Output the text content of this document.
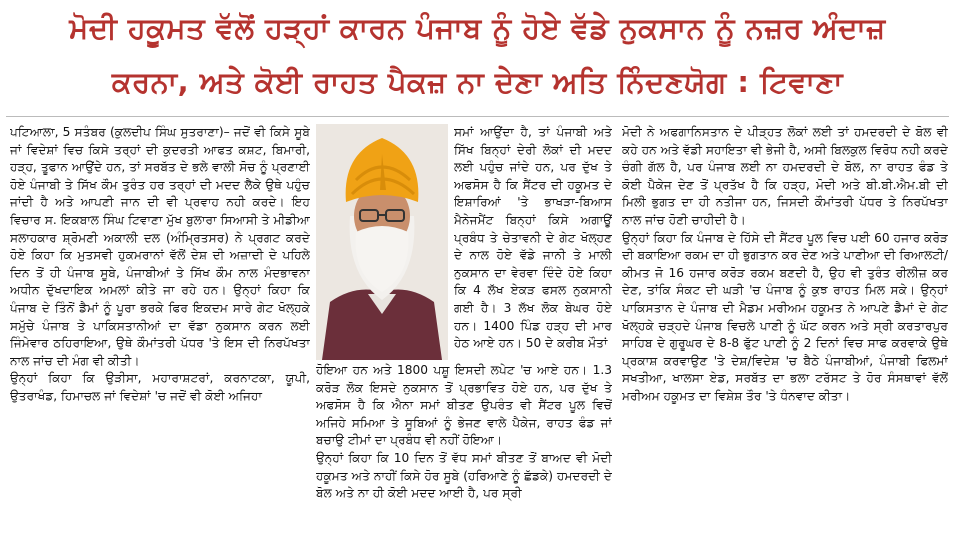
ਮੋਦੀ ਹਕੂਮਤ ਵੱਲੋਂ ਹੜ੍ਹਾਂ ਕਾਰਨ ਪੰਜਾਬ ਨੂੰ ਹੋਏ ਵੱਡੇ ਨੁਕਸਾਨ ਨੂੰ ਨਜ਼ਰ ਅੰਦਾਜ਼
ਕਰਨਾ, ਅਤੇ ਕੋਈ ਰਾਹਤ ਪੈਕਜ਼ ਨਾ ਦੇਣਾ ਅਤਿ ਨਿੰਦਣਯੋਗ : ਟਿਵਾਣਾ

ਪਟਿਆਲਾ, 5 ਸਤੰਬਰ (ਕੁਲਦੀਪ ਸਿੰਘ ਸੁਤਰਾਣਾ)– ਜਦੋਂ ਵੀ ਕਿਸੇ ਸੂਬੇ ਜਾਂ ਵਿਦੇਸ਼ਾਂ ਵਿਚ ਕਿਸੇ ਤਰ੍ਹਾਂ ਦੀ ਕੁਦਰਤੀ ਆਫਤ ਕਸ਼ਟ, ਬਿਮਾਰੀ, ਹੜ੍ਹ, ਤੂਫਾਨ ਆਉਂਦੇ ਹਨ, ਤਾਂ ਸਰਬੱਤ ਦੇ ਭਲੇ ਵਾਲੀ ਸੋਚ ਨੂੰ ਪ੍ਰਣਾਈ ਹੋਏ ਪੰਜਾਬੀ ਤੇ ਸਿੱਖ ਕੌਮ ਤੁਰੰਤ ਹਰ ਤਰ੍ਹਾਂ ਦੀ ਮਦਦ ਲੈਕੇ ਉਥੇ ਪਹੁੰਚ ਜਾਂਦੀ ਹੈ ਅਤੇ ਆਪਣੀ ਜਾਨ ਦੀ ਵੀ ਪ੍ਰਵਾਹ ਨਹੀ ਕਰਦੇ। ਇਹ ਵਿਚਾਰ ਸ. ਇਕਬਾਲ ਸਿੰਘ ਟਿਵਾਣਾ ਮੁੱਖ ਬੁਲਾਰਾ ਸਿਆਸੀ ਤੇ ਮੀਡੀਆ ਸਲਾਹਕਾਰ ਸ਼੍ਰੋਮਣੀ ਅਕਾਲੀ ਦਲ (ਅੰਮ੍ਰਿਤਸਰ) ਨੇ ਪ੍ਰਗਟ ਕਰਦੇ ਹੋਏ ਕਿਹਾ ਕਿ ਮੁਤਸਵੀ ਹੁਕਮਰਾਨਾਂ ਵੱਲੋਂ ਦੇਸ਼ ਦੀ ਅਜ਼ਾਦੀ ਦੇ ਪਹਿਲੇ ਦਿਨ ਤੋਂ ਹੀ ਪੰਜਾਬ ਸੂਬੇ, ਪੰਜਾਬੀਆਂ ਤੇ ਸਿੱਖ ਕੌਮ ਨਾਲ ਮੰਦਭਾਵਨਾ ਅਧੀਨ ਦੁੱਖਦਾਇਕ ਅਮਲਾਂ ਕੀਤੇ ਜਾ ਰਹੇ ਹਨ। ਉਨ੍ਹਾਂ ਕਿਹਾ ਕਿ ਪੰਜਾਬ ਦੇ ਤਿੰਨੋਂ ਡੈਮਾਂ ਨੂੰ ਪੂਰਾ ਭਰਕੇ ਫਿਰ ਇਕਦਮ ਸਾਰੇ ਗੇਟ ਖੋਲ੍ਹਕੇ ਸਮੁੱਚੇ ਪੰਜਾਬ ਤੇ ਪਾਕਿਸਤਾਨੀਆਂ ਦਾ ਵੱਡਾ ਨੁਕਸਾਨ ਕਰਨ ਲਈ ਜਿੰਮੇਵਾਰ ਠਹਿਰਾਇਆ, ਉਥੇ ਕੌਮਾਂਤਰੀ ਪੱਧਰ 'ਤੇ ਇਸ ਦੀ ਨਿਰਪੱਖਤਾ ਨਾਲ ਜਾਂਚ ਦੀ ਮੰਗ ਵੀ ਕੀਤੀ।

ਉਨ੍ਹਾਂ ਕਿਹਾ ਕਿ ਉੜੀਸਾ, ਮਹਾਰਾਸ਼ਟਰਾਂ, ਕਰਨਾਟਕਾ, ਯੂਪੀ, ਉਤਰਾਖੰਡ, ਹਿਮਾਚਲ ਜਾਂ ਵਿਦੇਸ਼ਾਂ 'ਚ ਜਦੋਂ ਵੀ ਕੋਈ ਅਜਿਹਾ

ਸਮਾਂ ਆਉਂਦਾ ਹੈ, ਤਾਂ ਪੰਜਾਬੀ ਅਤੇ ਸਿੱਖ ਬਿਨ੍ਹਾਂ ਦੇਰੀ ਲੋਕਾਂ ਦੀ ਮਦਦ ਲਈ ਪਹੁੰਚ ਜਾਂਦੇ ਹਨ, ਪਰ ਦੁੱਖ ਤੇ ਅਫਸੋਸ ਹੈ ਕਿ ਸੈਂਟਰ ਦੀ ਹਕੂਮਤ ਦੇ ਇਸ਼ਾਰਿਆਂ 'ਤੇ ਭਾਖੜਾ-ਬਿਆਸ ਮੈਨੇਜਮੈਂਟ ਬਿਨ੍ਹਾਂ ਕਿਸੇ ਅਗਾਊਂ ਪ੍ਰਬੰਧ ਤੇ ਚੇਤਾਵਨੀ ਦੇ ਗੇਟ ਖੋਲ੍ਹਣ ਦੇ ਨਾਲ ਹੋਏ ਵੱਡੇ ਜਾਨੀ ਤੇ ਮਾਲੀ ਨੁਕਸਾਨ ਦਾ ਵੇਰਵਾ ਦਿੰਦੇ ਹੋਏ ਕਿਹਾ ਕਿ 4 ਲੱਖ ਏਕੜ ਫਸਲ ਨੁਕਸਾਨੀ ਗਈ ਹੈ। 3 ਲੱਖ ਲੋਕ ਬੇਘਰ ਹੋਏ ਹਨ। 1400 ਪਿੰਡ ਹੜ੍ਹ ਦੀ ਮਾਰ ਹੇਠ ਆਏ ਹਨ। 50 ਦੇ ਕਰੀਬ ਮੌਤਾਂ

ਹੋਇਆ ਹਨ ਅਤੇ 1800 ਪਸ਼ੂ ਇਸਦੀ ਲਪੇਟ 'ਚ ਆਏ ਹਨ। 1.3 ਕਰੋੜ ਲੋਕ ਇਸਦੇ ਨੁਕਸਾਨ ਤੋਂ ਪ੍ਰਭਾਵਿਤ ਹੋਏ ਹਨ, ਪਰ ਦੁੱਖ ਤੇ ਅਫਸੋਸ ਹੈ ਕਿ ਐਨਾ ਸਮਾਂ ਬੀਤਣ ਉਪਰੰਤ ਵੀ ਸੈਂਟਰ ਪੂਲ ਵਿਚੋਂ ਅਜਿਹੇ ਸਮਿਆ ਤੇ ਸੂਬਿਆਂ ਨੂੰ ਭੇਜਣ ਵਾਲੇ ਪੈਕੇਜ, ਰਾਹਤ ਫੰਡ ਜਾਂ ਬਚਾਉ ਟੀਮਾਂ ਦਾ ਪ੍ਰਬੰਧ ਵੀ ਨਹੀਂ ਹੋਇਆ।

ਉਨ੍ਹਾਂ ਕਿਹਾ ਕਿ 10 ਦਿਨ ਤੋਂ ਵੱਧ ਸਮਾਂ ਬੀਤਣ ਤੋਂ ਬਾਅਦ ਵੀ ਮੋਦੀ ਹਕੂਮਤ ਅਤੇ ਨਾਹੀਂ ਕਿਸੇ ਹੋਰ ਸੂਬੇ (ਹਰਿਆਣੇ ਨੂੰ ਛੱਡਕੇ) ਹਮਦਰਦੀ ਦੇ ਬੋਲ ਅਤੇ ਨਾ ਹੀ ਕੋਈ ਮਦਦ ਆਈ ਹੈ, ਪਰ ਸ੍ਰੀ

ਮੋਦੀ ਨੇ ਅਫਗਾਨਿਸਤਾਨ ਦੇ ਪੀੜ੍ਹਤ ਲੋਕਾਂ ਲਈ ਤਾਂ ਹਮਦਰਦੀ ਦੇ ਬੋਲ ਵੀ ਕਹੇ ਹਨ ਅਤੇ ਵੱਡੀ ਸਹਾਇਤਾ ਵੀ ਭੇਜੀ ਹੈ, ਅਸੀ ਬਿਲਕੁਲ ਵਿਰੋਧ ਨਹੀ ਕਰਦੇ ਚੰਗੀ ਗੱਲ ਹੈ, ਪਰ ਪੰਜਾਬ ਲਈ ਨਾ ਹਮਦਰਦੀ ਦੇ ਬੋਲ, ਨਾ ਰਾਹਤ ਫੰਡ ਤੇ ਕੋਈ ਪੈਕੇਜ ਦੇਣ ਤੋਂ ਪ੍ਰਤੱਖ ਹੈ ਕਿ ਹੜ੍ਹ, ਮੋਦੀ ਅਤੇ ਬੀ.ਬੀ.ਐਮ.ਬੀ ਦੀ ਮਿਲੀ ਭੁਗਤ ਦਾ ਹੀ ਨਤੀਜਾ ਹਨ, ਜਿਸਦੀ ਕੌਮਾਂਤਰੀ ਪੱਧਰ ਤੇ ਨਿਰਪੱਖਤਾ ਨਾਲ ਜਾਂਚ ਹੋਣੀ ਚਾਹੀਦੀ ਹੈ।

ਉਨ੍ਹਾਂ ਕਿਹਾ ਕਿ ਪੰਜਾਬ ਦੇ ਹਿੱਸੇ ਦੀ ਸੈਂਟਰ ਪੂਲ ਵਿਚ ਪਈ 60 ਹਜਾਰ ਕਰੋੜ ਦੀ ਬਕਾਇਆ ਰਕਮ ਦਾ ਹੀ ਭੁਗਤਾਨ ਕਰ ਦੇਣ ਅਤੇ ਪਾਣੀਆ ਦੀ ਰਿਆਲਟੀ/ਕੀਮਤ ਜੋ 16 ਹਜਾਰ ਕਰੋੜ ਰਕਮ ਬਣਦੀ ਹੈ, ਉਹ ਵੀ ਤੁਰੰਤ ਰੀਲੀਜ਼ ਕਰ ਦੇਣ, ਤਾਂਕਿ ਸੰਕਟ ਦੀ ਘੜੀ 'ਚ ਪੰਜਾਬ ਨੂੰ ਕੁਝ ਰਾਹਤ ਮਿਲ ਸਕੇ। ਉਨ੍ਹਾਂ ਪਾਕਿਸਤਾਨ ਦੇ ਪੰਜਾਬ ਦੀ ਮੈਡਮ ਮਰੀਅਮ ਹਕੂਮਤ ਨੇ ਆਪਣੇ ਡੈਮਾਂ ਦੇ ਗੇਟ ਖੋਲ੍ਹਕੇ ਚੜ੍ਹਦੇ ਪੰਜਾਬ ਵਿਚਲੇ ਪਾਣੀ ਨੂੰ ਘੱਟ ਕਰਨ ਅਤੇ ਸ੍ਰੀ ਕਰਤਾਰਪੁਰ ਸਾਹਿਬ ਦੇ ਗੁਰੂਘਰ ਦੇ 8-8 ਫੁੱਟ ਪਾਣੀ ਨੂੰ 2 ਦਿਨਾਂ ਵਿਚ ਸਾਫ ਕਰਵਾਕੇ ਉਥੇ ਪ੍ਰਕਾਸ਼ ਕਰਵਾਉਣ 'ਤੇ ਦੇਸ਼/ਵਿਦੇਸ਼ 'ਚ ਬੈਠੇ ਪੰਜਾਬੀਆਂ, ਪੰਜਾਬੀ ਫਿਲਮਾਂ ਸਖਤੀਆ, ਖਾਲਸਾ ਏਡ, ਸਰਬੱਤ ਦਾ ਭਲਾ ਟਰੱਸਟ ਤੇ ਹੋਰ ਸੰਸਥਾਵਾਂ ਵੱਲੋਂ ਮਰੀਅਮ ਹਕੂਮਤ ਦਾ ਵਿਸ਼ੇਸ਼ ਤੌਰ 'ਤੇ ਧੰਨਵਾਦ ਕੀਤਾ।
